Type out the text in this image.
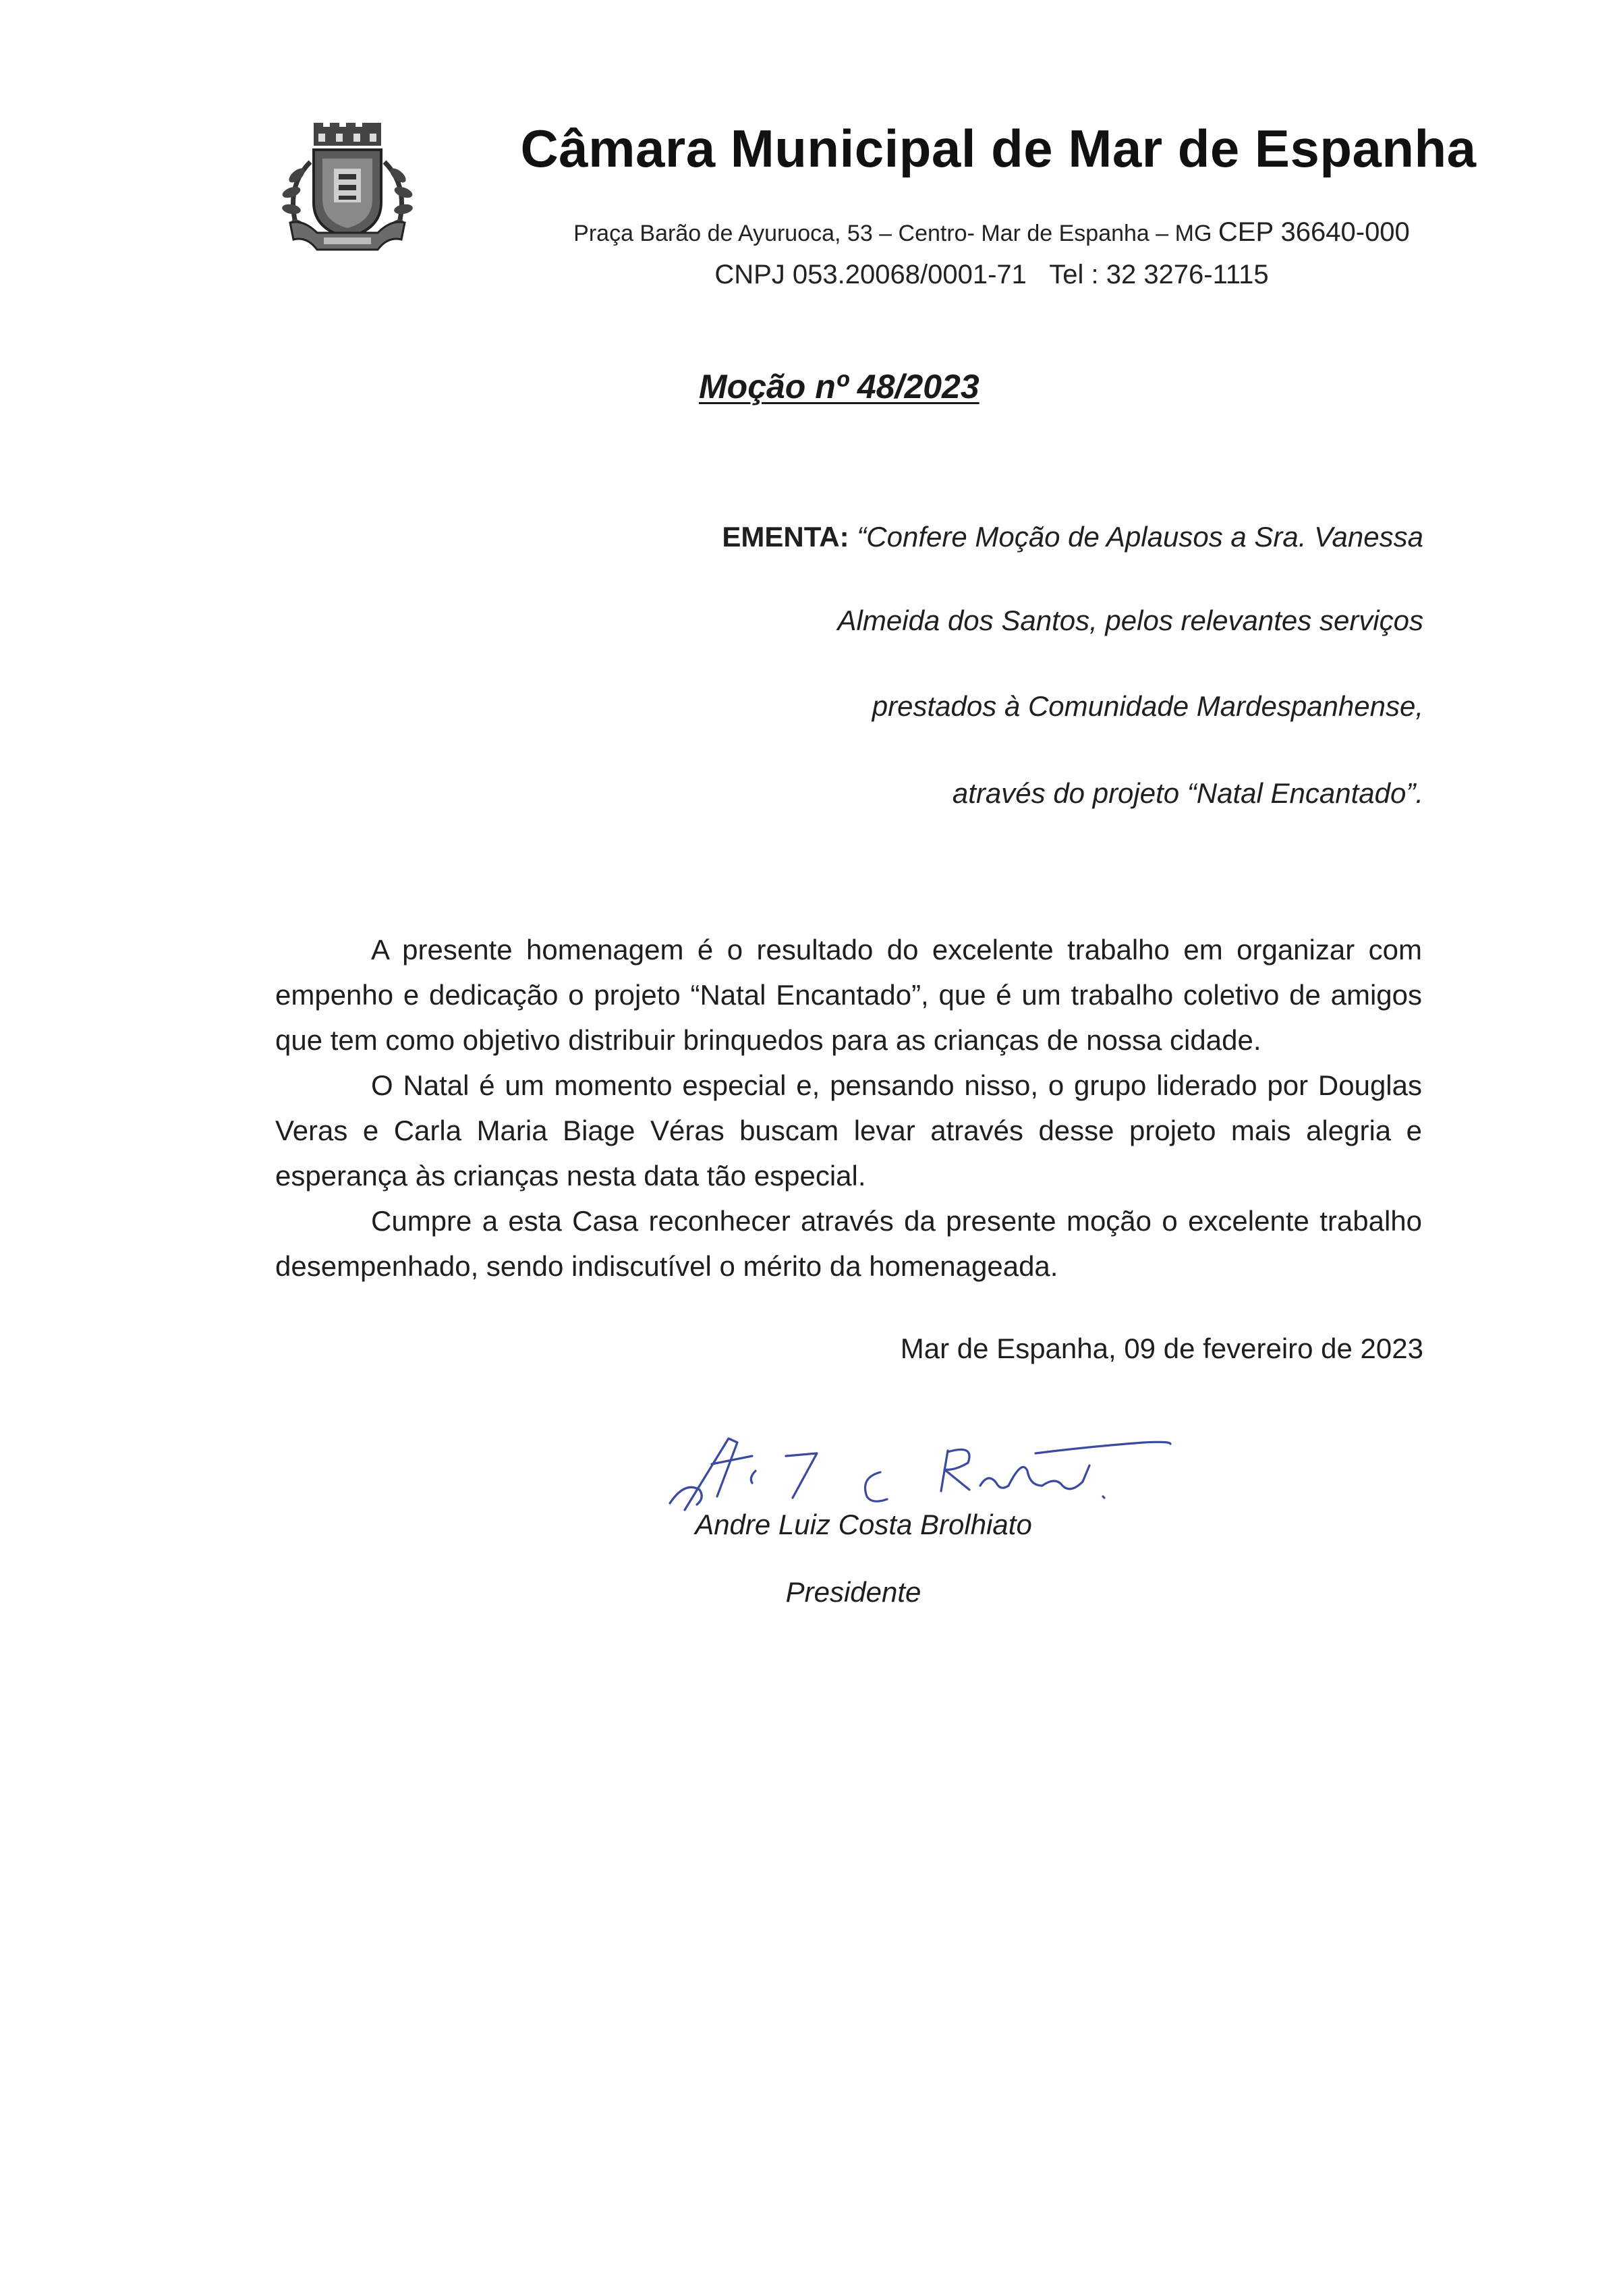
Câmara Municipal de Mar de Espanha
Praça Barão de Ayuruoca, 53 – Centro- Mar de Espanha – MG CEP 36640-000
CNPJ 053.20068/0001-71 Tel : 32 3276-1115
Moção nº 48/2023
EMENTA: “Confere Moção de Aplausos a Sra. Vanessa
Almeida dos Santos, pelos relevantes serviços
prestados à Comunidade Mardespanhense,
através do projeto “Natal Encantado”.

A presente homenagem é o resultado do excelente trabalho em organizar com empenho e dedicação o projeto “Natal Encantado”, que é um trabalho coletivo de amigos que tem como objetivo distribuir brinquedos para as crianças de nossa cidade.

O Natal é um momento especial e, pensando nisso, o grupo liderado por Douglas Veras e Carla Maria Biage Véras buscam levar através desse projeto mais alegria e esperança às crianças nesta data tão especial.

Cumpre a esta Casa reconhecer através da presente moção o excelente trabalho desempenhado, sendo indiscutível o mérito da homenageada.

Mar de Espanha, 09 de fevereiro de 2023
Andre Luiz Costa Brolhiato
Presidente
